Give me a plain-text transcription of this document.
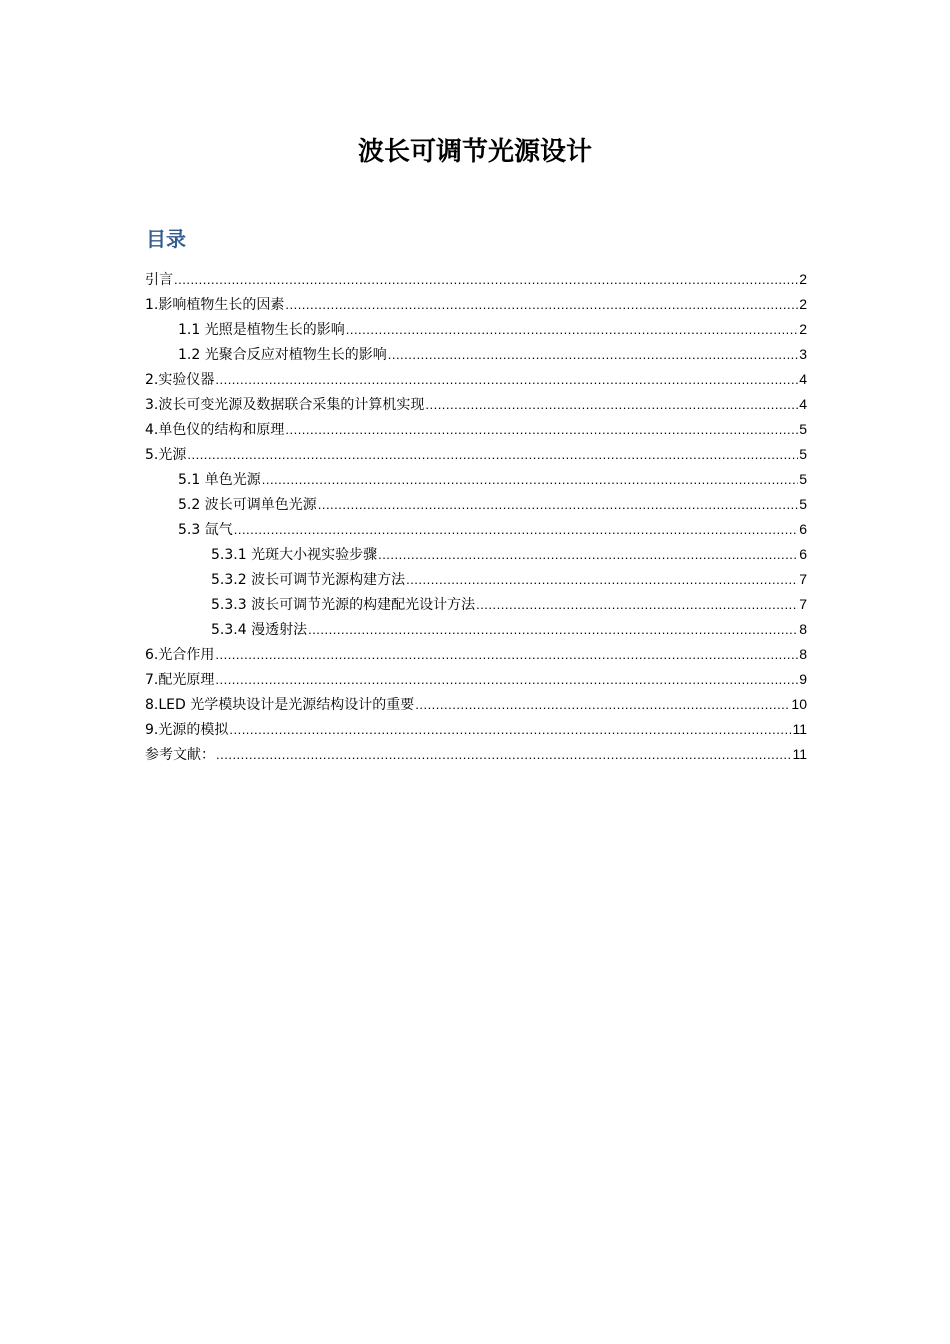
波长可调节光源设计
目录
引言 .....	2
1.影响植物生长的因素 .....	2
1.1 光照是植物生长的影响 .....	2
1.2 光聚合反应对植物生长的影响 .....	3
2.实验仪器 .....	4
3.波长可变光源及数据联合采集的计算机实现 .....	4
4.单色仪的结构和原理 .....	5
5.光源 .....	5
5.1 单色光源 .....	5
5.2 波长可调单色光源 .....	5
5.3 氙气 .....	6
5.3.1 光斑大小视实验步骤 .....	6
5.3.2 波长可调节光源构建方法 .....	7
5.3.3 波长可调节光源的构建配光设计方法 .....	7
5.3.4 漫透射法 .....	8
6.光合作用 .....	8
7.配光原理 .....	9
8.LED 光学模块设计是光源结构设计的重要 .....	10
9.光源的模拟 .....	11
参考文献： .....	11
